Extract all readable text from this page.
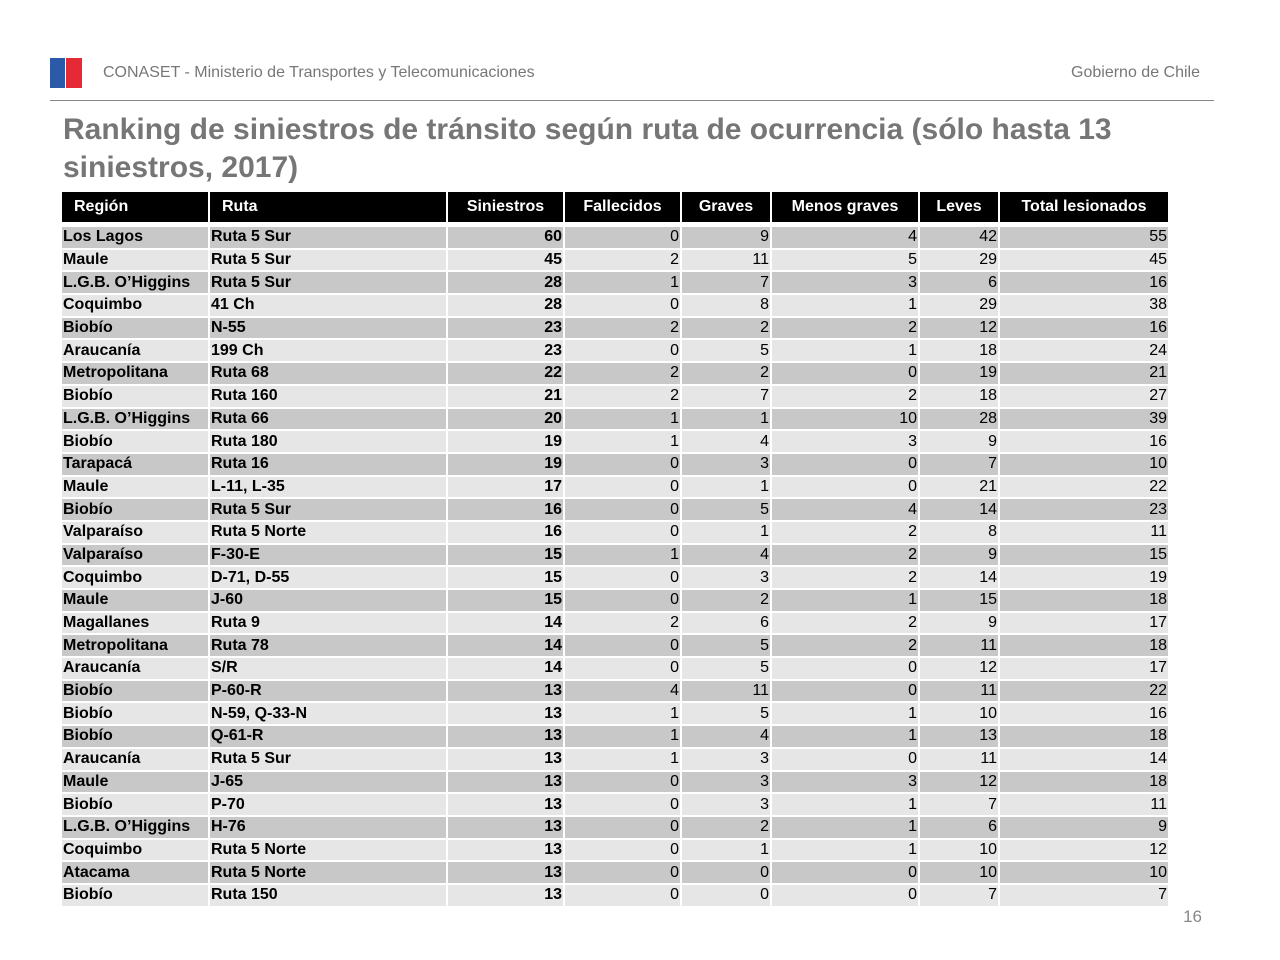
CONASET - Ministerio de Transportes y Telecomunicaciones	Gobierno de Chile
Ranking de siniestros de tránsito según ruta de ocurrencia (sólo hasta 13 siniestros, 2017)
Región	Ruta	Siniestros	Fallecidos	Graves	Menos graves	Leves	Total lesionados

Los Lagos	Ruta 5 Sur	60	0	9	4	42	55
Maule	Ruta 5 Sur	45	2	11	5	29	45
L.G.B. O’Higgins	Ruta 5 Sur	28	1	7	3	6	16
Coquimbo	41 Ch	28	0	8	1	29	38
Biobío	N-55	23	2	2	2	12	16
Araucanía	199 Ch	23	0	5	1	18	24
Metropolitana	Ruta 68	22	2	2	0	19	21
Biobío	Ruta 160	21	2	7	2	18	27
L.G.B. O’Higgins	Ruta 66	20	1	1	10	28	39
Biobío	Ruta 180	19	1	4	3	9	16
Tarapacá	Ruta 16	19	0	3	0	7	10
Maule	L-11, L-35	17	0	1	0	21	22
Biobío	Ruta 5 Sur	16	0	5	4	14	23
Valparaíso	Ruta 5 Norte	16	0	1	2	8	11
Valparaíso	F-30-E	15	1	4	2	9	15
Coquimbo	D-71, D-55	15	0	3	2	14	19
Maule	J-60	15	0	2	1	15	18
Magallanes	Ruta 9	14	2	6	2	9	17
Metropolitana	Ruta 78	14	0	5	2	11	18
Araucanía	S/R	14	0	5	0	12	17
Biobío	P-60-R	13	4	11	0	11	22
Biobío	N-59, Q-33-N	13	1	5	1	10	16
Biobío	Q-61-R	13	1	4	1	13	18
Araucanía	Ruta 5 Sur	13	1	3	0	11	14
Maule	J-65	13	0	3	3	12	18
Biobío	P-70	13	0	3	1	7	11
L.G.B. O’Higgins	H-76	13	0	2	1	6	9
Coquimbo	Ruta 5 Norte	13	0	1	1	10	12
Atacama	Ruta 5 Norte	13	0	0	0	10	10
Biobío	Ruta 150	13	0	0	0	7	7
16
